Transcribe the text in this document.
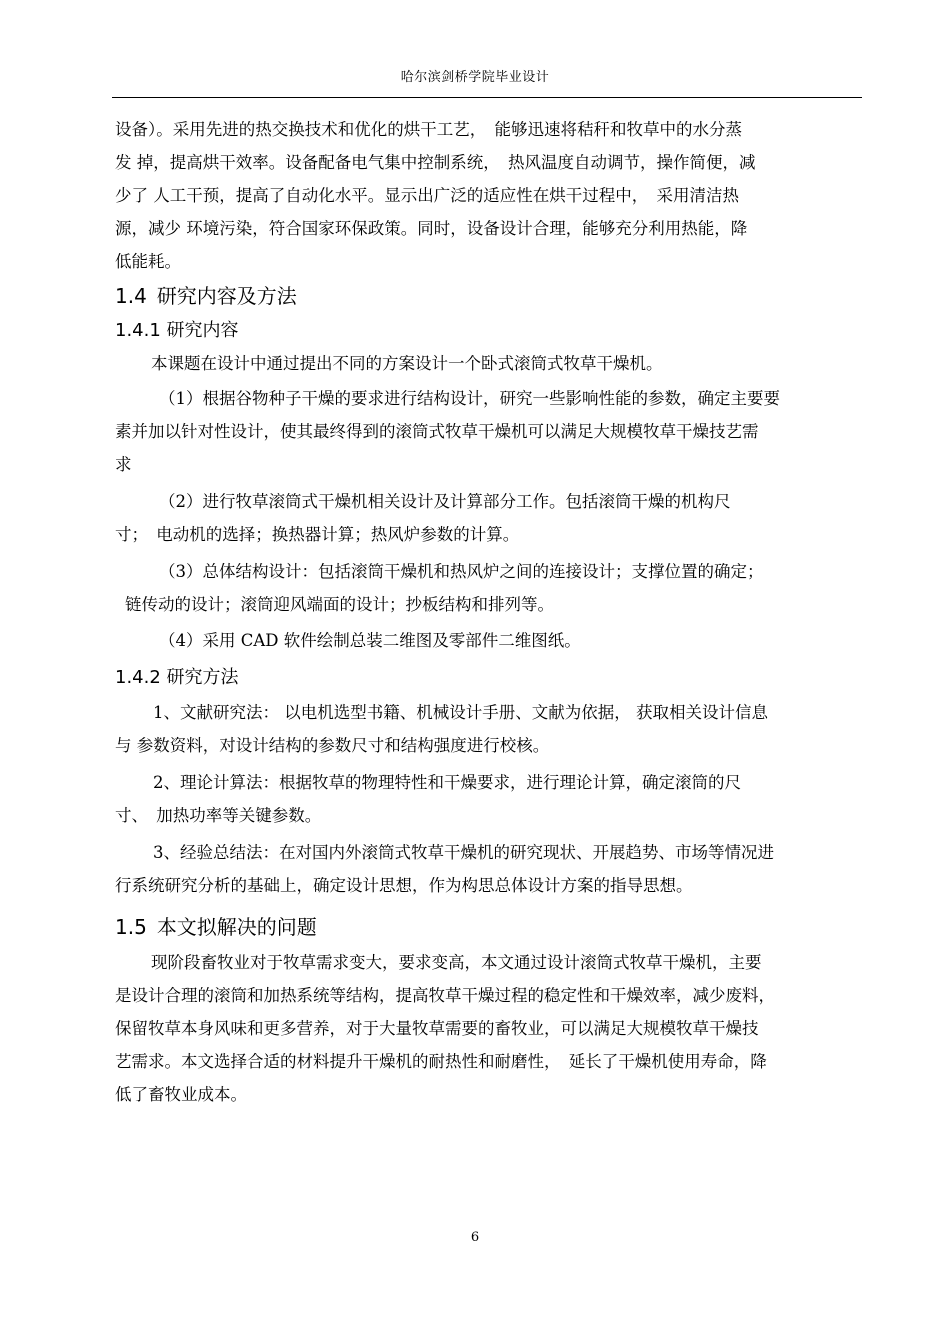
哈尔滨剑桥学院毕业设计

设备）。采用先进的热交换技术和优化的烘干工艺，　能够迅速将秸秆和牧草中的水分蒸

发 掉，提高烘干效率。设备配备电气集中控制系统，　热风温度自动调节，操作简便，减

少了 人工干预，提高了自动化水平。显示出广泛的适应性在烘干过程中，　采用清洁热

源，减少 环境污染，符合国家环保政策。同时，设备设计合理，能够充分利用热能，降

低能耗。

1.4 研究内容及方法
1.4.1 研究内容

本课题在设计中通过提出不同的方案设计一个卧式滚筒式牧草干燥机。

（1）根据谷物种子干燥的要求进行结构设计，研究一些影响性能的参数，确定主要要

素并加以针对性设计，使其最终得到的滚筒式牧草干燥机可以满足大规模牧草干燥技艺需

求

（2）进行牧草滚筒式干燥机相关设计及计算部分工作。包括滚筒干燥的机构尺

寸；　电动机的选择；换热器计算；热风炉参数的计算。

（3）总体结构设计：包括滚筒干燥机和热风炉之间的连接设计；支撑位置的确定；

链传动的设计；滚筒迎风端面的设计；抄板结构和排列等。

（4）采用 CAD 软件绘制总装二维图及零部件二维图纸。

1.4.2 研究方法

1、文献研究法： 以电机选型书籍、机械设计手册、文献为依据， 获取相关设计信息

与 参数资料，对设计结构的参数尺寸和结构强度进行校核。

2、理论计算法：根据牧草的物理特性和干燥要求，进行理论计算，确定滚筒的尺

寸、　加热功率等关键参数。

3、经验总结法：在对国内外滚筒式牧草干燥机的研究现状、开展趋势、市场等情况进

行系统研究分析的基础上，确定设计思想，作为构思总体设计方案的指导思想。

1.5 本文拟解决的问题

现阶段畜牧业对于牧草需求变大，要求变高，本文通过设计滚筒式牧草干燥机，主要

是设计合理的滚筒和加热系统等结构，提高牧草干燥过程的稳定性和干燥效率，减少废料，

保留牧草本身风味和更多营养，对于大量牧草需要的畜牧业，可以满足大规模牧草干燥技

艺需求。本文选择合适的材料提升干燥机的耐热性和耐磨性，　延长了干燥机使用寿命，降

低了畜牧业成本。

6
